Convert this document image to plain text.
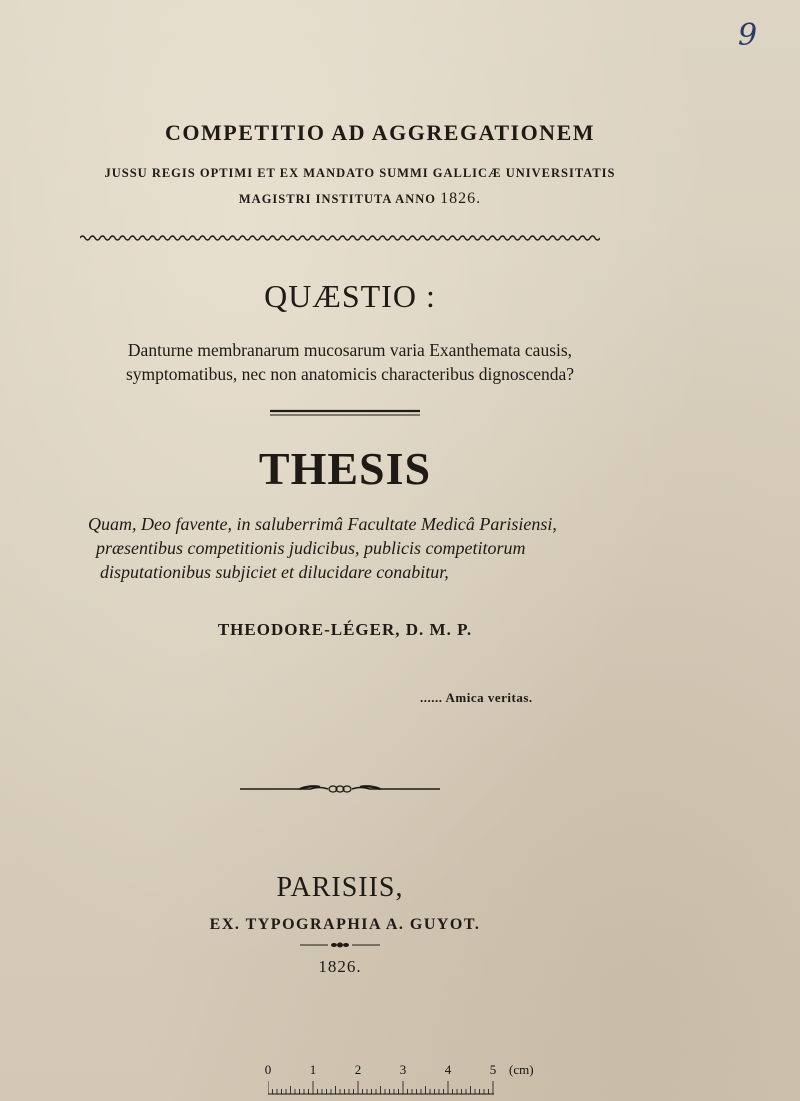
9
COMPETITIO AD AGGREGATIONEM
JUSSU REGIS OPTIMI ET EX MANDATO SUMMI GALLICÆ UNIVERSITATIS
MAGISTRI INSTITUTA ANNO 1826.
QUÆSTIO :
Danturne membranarum mucosarum varia Exanthemata causis,
symptomatibus, nec non anatomicis characteribus dignoscenda?
THESIS
Quam, Deo favente, in saluberrimâ Facultate Medicâ Parisiensi,
præsentibus competitionis judicibus, publicis competitorum
disputationibus subjiciet et dilucidare conabitur,
THEODORE-LÉGER, D. M. P.
...... Amica veritas.
PARISIIS,
EX. TYPOGRAPHIA A. GUYOT.
1826.
0	1	2	3	4	5 (cm)
